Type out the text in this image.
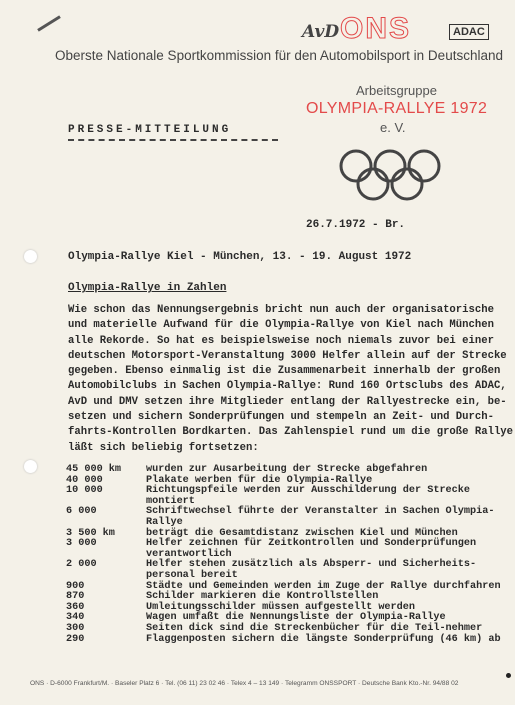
AvD ONS	ADAC
Oberste Nationale Sportkommission für den Automobilsport in Deutschland
Arbeitsgruppe
OLYMPIA-RALLYE 1972
e. V.
PRESSE-MITTEILUNG
26.7.1972 - Br.
Olympia-Rallye Kiel - München, 13. - 19. August 1972
Olympia-Rallye in Zahlen
Wie schon das Nennungsergebnis bricht nun auch der organisatorische
und materielle Aufwand für die Olympia-Rallye von Kiel nach München
alle Rekorde. So hat es beispielsweise noch niemals zuvor bei einer
deutschen Motorsport-Veranstaltung 3000 Helfer allein auf der Strecke
gegeben. Ebenso einmalig ist die Zusammenarbeit innerhalb der großen
Automobilclubs in Sachen Olympia-Rallye: Rund 160 Ortsclubs des ADAC,
AvD und DMV setzen ihre Mitglieder entlang der Rallyestrecke ein, be-
setzen und sichern Sonderprüfungen und stempeln an Zeit- und Durch-
fahrts-Kontrollen Bordkarten. Das Zahlenspiel rund um die große Rallye
läßt sich beliebig fortsetzen:
45 000 km	wurden zur Ausarbeitung der Strecke abgefahren
40 000	Plakate werben für die Olympia-Rallye
10 000	Richtungspfeile werden zur Ausschilderung der Strecke montiert
6 000	Schriftwechsel führte der Veranstalter in Sachen Olympia-Rallye
3 500 km	beträgt die Gesamtdistanz zwischen Kiel und München
3 000	Helfer zeichnen für Zeitkontrollen und Sonderprüfungen verantwortlich
2 000	Helfer stehen zusätzlich als Absperr- und Sicherheits-personal bereit
900	Städte und Gemeinden werden im Zuge der Rallye durchfahren
870	Schilder markieren die Kontrollstellen
360	Umleitungsschilder müssen aufgestellt werden
340	Wagen umfaßt die Nennungsliste der Olympia-Rallye
300	Seiten dick sind die Streckenbücher für die Teil-nehmer
290	Flaggenposten sichern die längste Sonderprüfung (46 km) ab
ONS · D-6000 Frankfurt/M. · Baseler Platz 6 · Tel. (06 11) 23 02 46 · Telex 4 – 13 149 · Telegramm ONSSPORT · Deutsche Bank Kto.-Nr. 94/88 02
